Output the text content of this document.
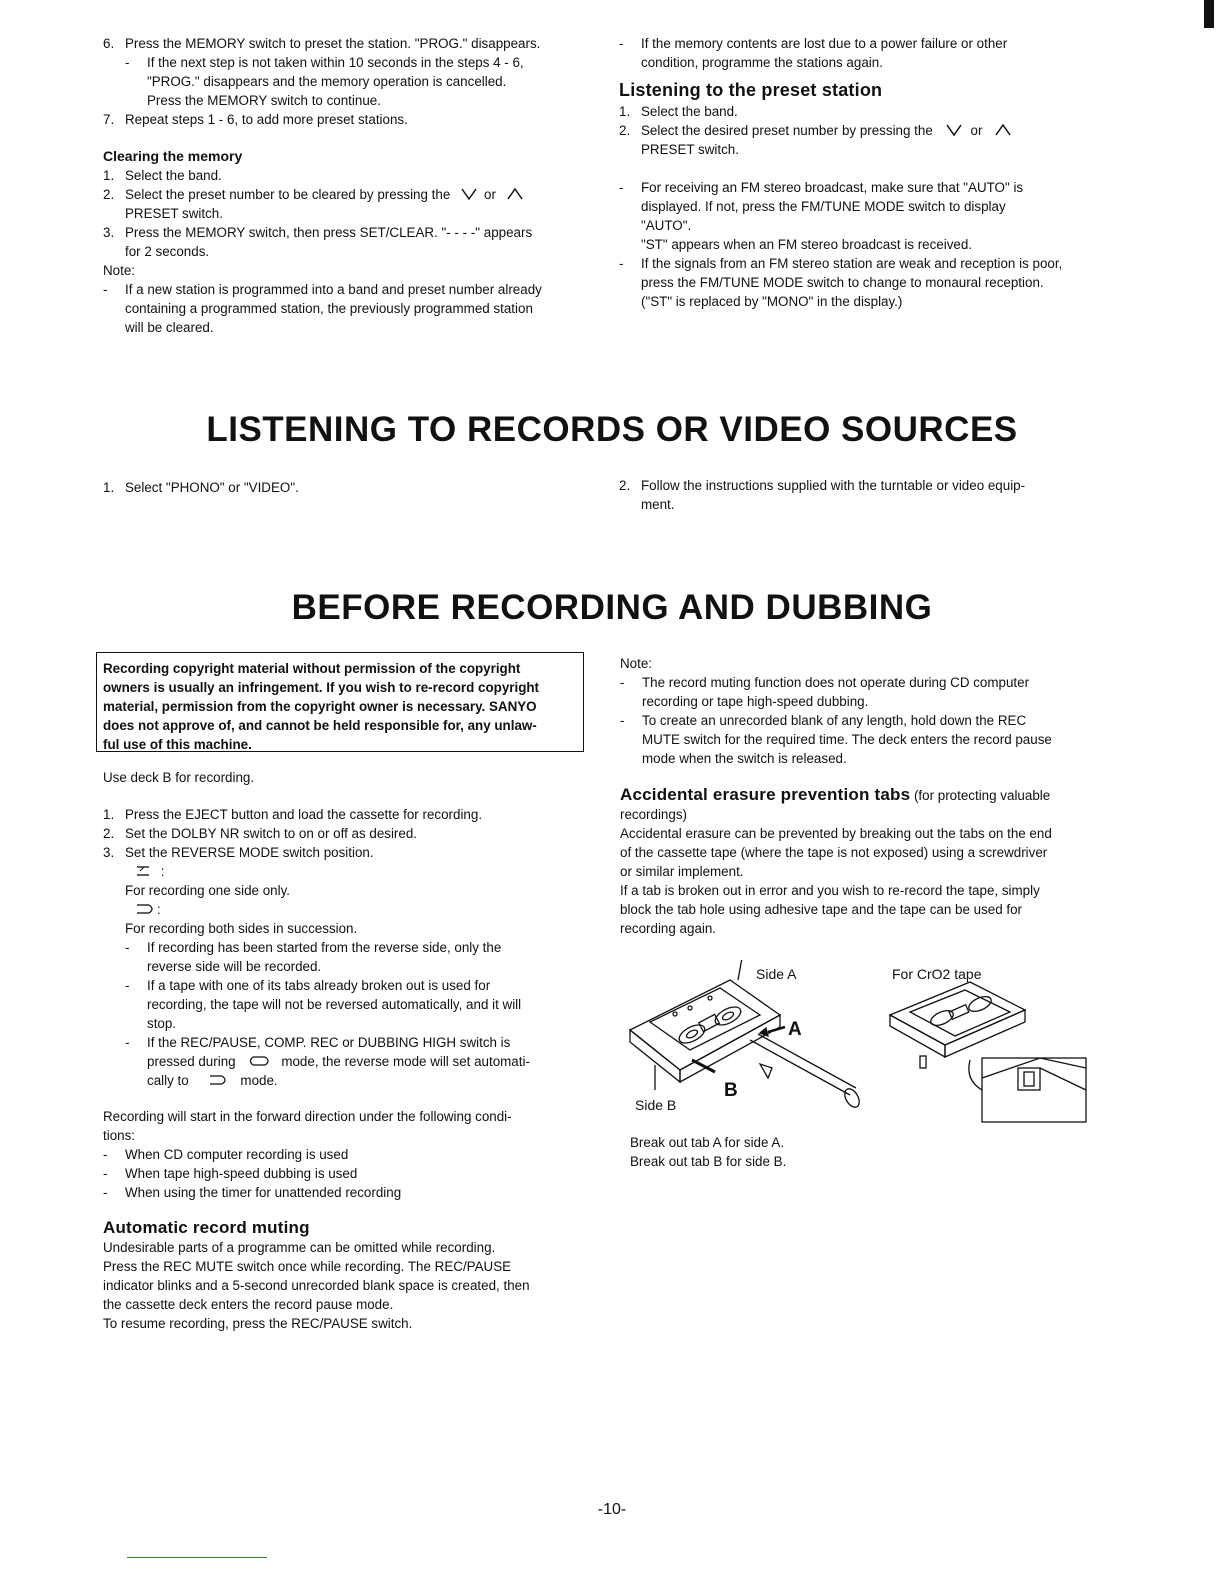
6. Press the MEMORY switch to preset the station. "PROG." disappears.
- If the next step is not taken within 10 seconds in the steps 4 - 6,
"PROG." disappears and the memory operation is cancelled.
Press the MEMORY switch to continue.
7. Repeat steps 1 - 6, to add more preset stations.
Clearing the memory
1. Select the band.
2. Select the preset number to be cleared by pressing the	or
PRESET switch.
3. Press the MEMORY switch, then press SET/CLEAR. "- - - -" appears
for 2 seconds.
Note:
- If a new station is programmed into a band and preset number already
containing a programmed station, the previously programmed station
will be cleared.
- If the memory contents are lost due to a power failure or other
condition, programme the stations again.
Listening to the preset station
1. Select the band.
2. Select the desired preset number by pressing the	or
PRESET switch.
- For receiving an FM stereo broadcast, make sure that "AUTO" is
displayed. If not, press the FM/TUNE MODE switch to display
"AUTO".
"ST" appears when an FM stereo broadcast is received.
- If the signals from an FM stereo station are weak and reception is poor,
press the FM/TUNE MODE switch to change to monaural reception.
("ST" is replaced by "MONO" in the display.)
LISTENING TO RECORDS OR VIDEO SOURCES
1. Select "PHONO" or "VIDEO".	2. Follow the instructions supplied with the turntable or video equip-
ment.
BEFORE RECORDING AND DUBBING
Recording copyright material without permission of the copyright
owners is usually an infringement. If you wish to re-record copyright
material, permission from the copyright owner is necessary. SANYO
does not approve of, and cannot be held responsible for, any unlaw-
ful use of this machine.
Use deck B for recording.
1. Press the EJECT button and load the cassette for recording.
2. Set the DOLBY NR switch to on or off as desired.
3. Set the REVERSE MODE switch position.
:
For recording one side only.
:
For recording both sides in succession.
- If recording has been started from the reverse side, only the
reverse side will be recorded.
- If a tape with one of its tabs already broken out is used for
recording, the tape will not be reversed automatically, and it will
stop.
- If the REC/PAUSE, COMP. REC or DUBBING HIGH switch is
pressed during	mode, the reverse mode will set automati-
cally to	mode.
Recording will start in the forward direction under the following condi-
tions:
- When CD computer recording is used
- When tape high-speed dubbing is used
- When using the timer for unattended recording
Automatic record muting
Undesirable parts of a programme can be omitted while recording.
Press the REC MUTE switch once while recording. The REC/PAUSE
indicator blinks and a 5-second unrecorded blank space is created, then
the cassette deck enters the record pause mode.
To resume recording, press the REC/PAUSE switch.
Note:
- The record muting function does not operate during CD computer
recording or tape high-speed dubbing.
- To create an unrecorded blank of any length, hold down the REC
MUTE switch for the required time. The deck enters the record pause
mode when the switch is released.
Accidental erasure prevention tabs (for protecting valuable
recordings)
Accidental erasure can be prevented by breaking out the tabs on the end
of the cassette tape (where the tape is not exposed) using a screwdriver
or similar implement.
If a tab is broken out in error and you wish to re-record the tape, simply
block the tab hole using adhesive tape and the tape can be used for
recording again.
Side A
A
B
Side B
For CrO2 tape
Break out tab A for side A.
Break out tab B for side B.
-10-
